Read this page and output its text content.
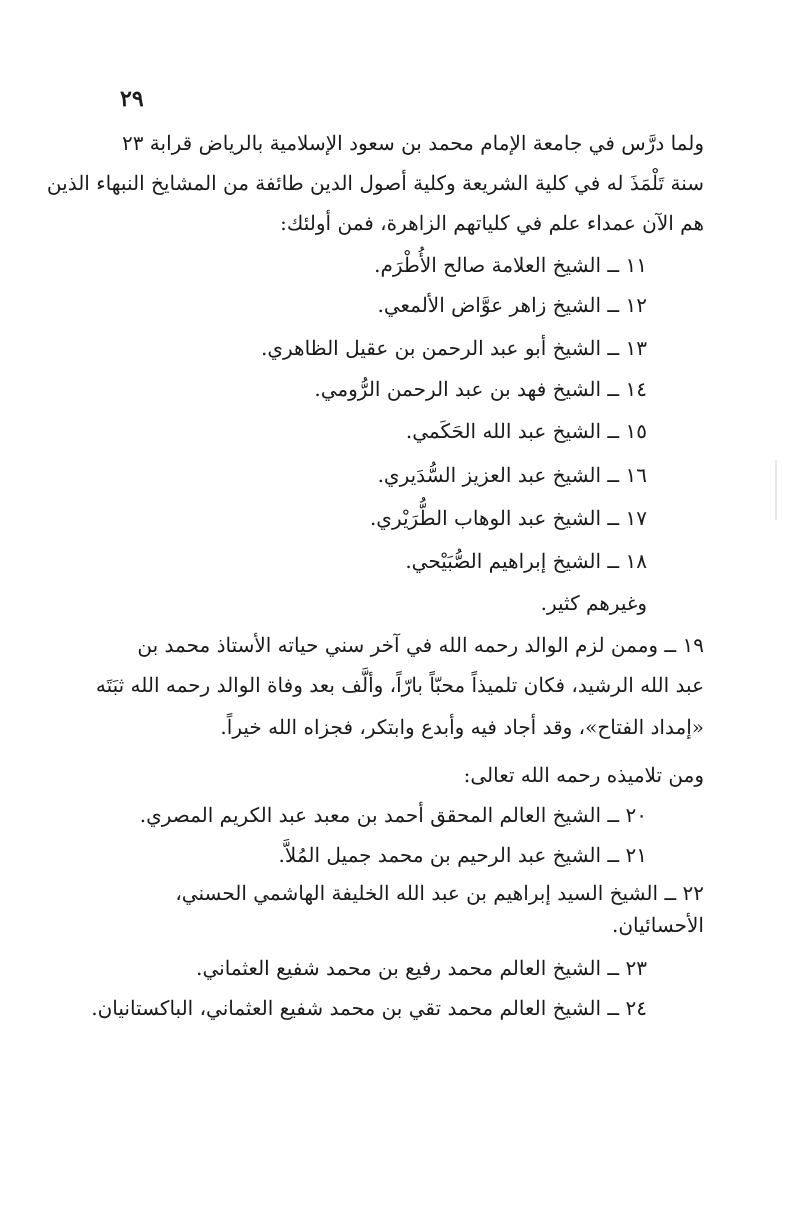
٢٩
ولما درَّس في جامعة الإمام محمد بن سعود الإسلامية بالرياض قرابة ٢٣
سنة تَلْمَذَ له في كلية الشريعة وكلية أصول الدين طائفة من المشايخ النبهاء الذين
هم الآن عمداء علم في كلياتهم الزاهرة، فمن أولئك:
١١ ــ الشيخ العلامة صالح الأُطْرَم.
١٢ ــ الشيخ زاهر عوَّاض الألمعي.
١٣ ــ الشيخ أبو عبد الرحمن بن عقيل الظاهري.
١٤ ــ الشيخ فهد بن عبد الرحمن الرُّومي.
١٥ ــ الشيخ عبد الله الحَكَمي.
١٦ ــ الشيخ عبد العزيز السُّدَيري.
١٧ ــ الشيخ عبد الوهاب الطُّرَيْري.
١٨ ــ الشيخ إبراهيم الصُّبَيْحي.
وغيرهم كثير.
١٩ ــ وممن لزم الوالد رحمه الله في آخر سني حياته الأستاذ محمد بن
عبد الله الرشيد، فكان تلميذاً محبّاً بارّاً، وألَّف بعد وفاة الوالد رحمه الله ثبَتَه
«إمداد الفتاح»، وقد أجاد فيه وأبدع وابتكر، فجزاه الله خيراً.
ومن تلاميذه رحمه الله تعالى:
٢٠ ــ الشيخ العالم المحقق أحمد بن معبد عبد الكريم المصري.
٢١ ــ الشيخ عبد الرحيم بن محمد جميل المُلاَّ.
٢٢ ــ الشيخ السيد إبراهيم بن عبد الله الخليفة الهاشمي الحسني،
الأحسائيان.
٢٣ ــ الشيخ العالم محمد رفيع بن محمد شفيع العثماني.
٢٤ ــ الشيخ العالم محمد تقي بن محمد شفيع العثماني، الباكستانيان.
